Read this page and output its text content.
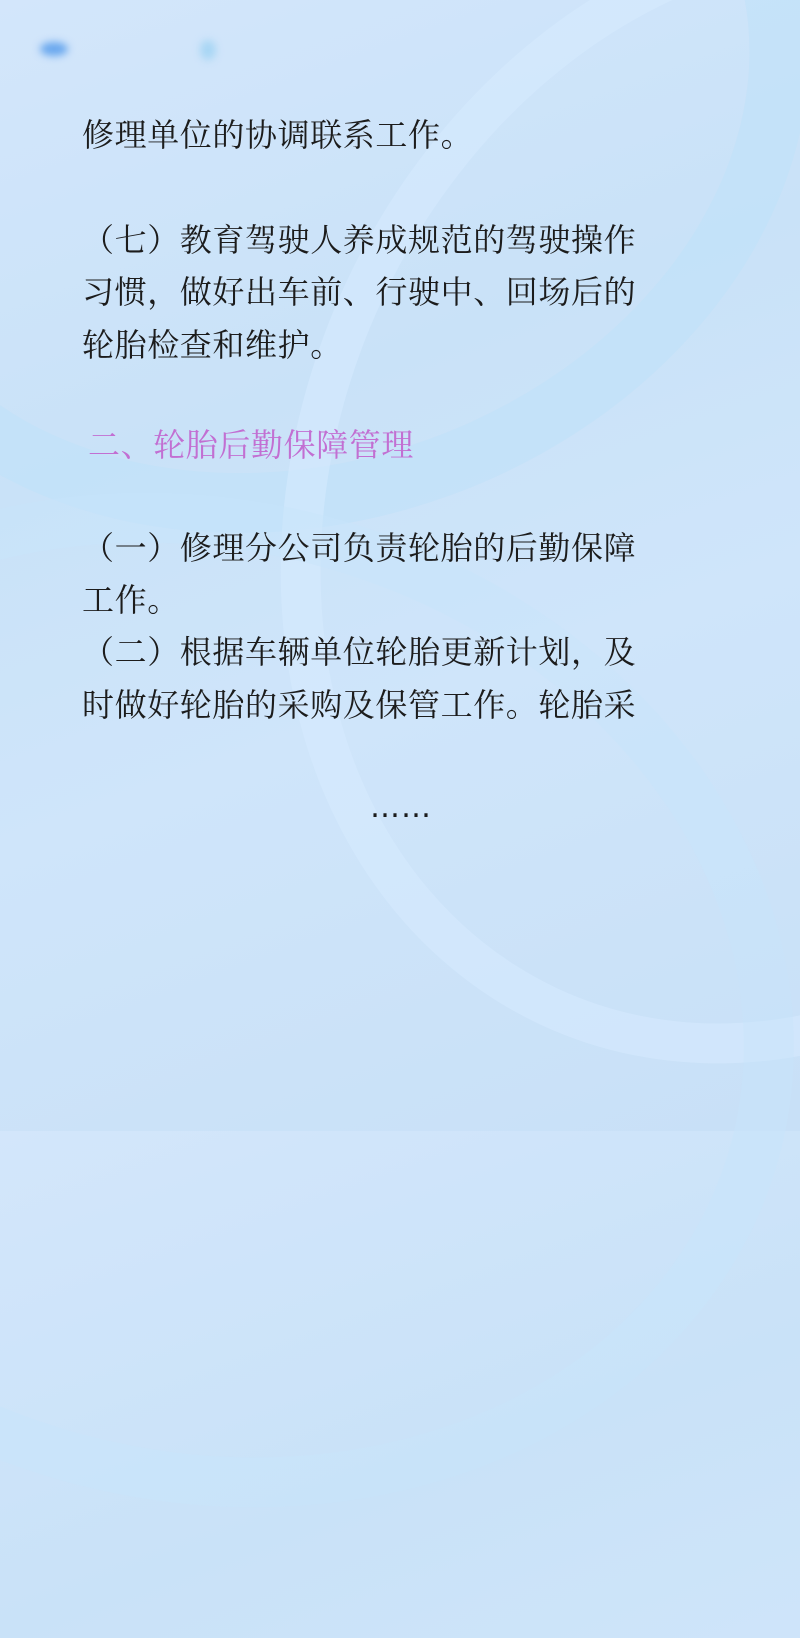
修理单位的协调联系工作。
（七）教育驾驶人养成规范的驾驶操作
习惯，做好出车前、行驶中、回场后的
轮胎检查和维护。
二、轮胎后勤保障管理
（一）修理分公司负责轮胎的后勤保障
工作。
（二）根据车辆单位轮胎更新计划，及
时做好轮胎的采购及保管工作。轮胎采
……
